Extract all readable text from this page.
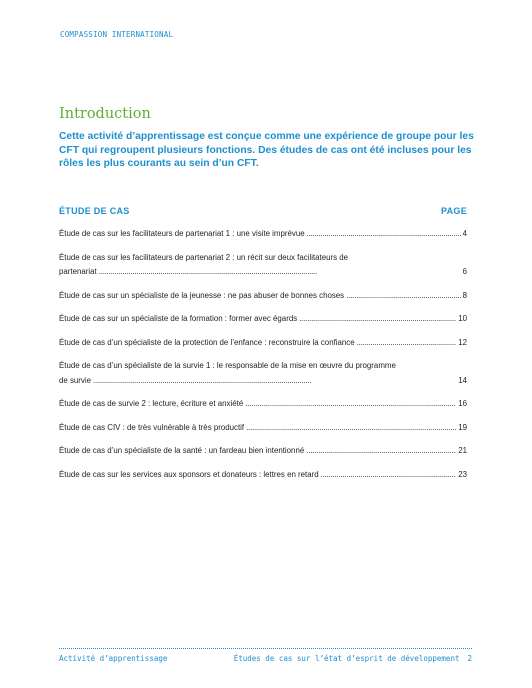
COMPASSION INTERNATIONAL
Introduction

Cette activité d’apprentissage est conçue comme une expérience de groupe pour les CFT qui regroupent plusieurs fonctions. Des études de cas ont été incluses pour les rôles les plus courants au sein d’un CFT.

ÉTUDE DE CAS	PAGE
Étude de cas sur les facilitateurs de partenariat 1 : une visite imprévue . . .	4
Étude de cas sur les facilitateurs de partenariat 2 : un récit sur deux facilitateurs de
partenariat . . .	6
Étude de cas sur un spécialiste de la jeunesse : ne pas abuser de bonnes choses . . .	8
Étude de cas sur un spécialiste de la formation : former avec égards . . .	10
Étude de cas d’un spécialiste de la protection de l’enfance : reconstruire la confiance . . .	12
Étude de cas d’un spécialiste de la survie 1 : le responsable de la mise en œuvre du programme
de survie . . .	14
Étude de cas de survie 2 : lecture, écriture et anxiété . . .	16
Étude de cas CIV : de très vulnérable à très productif . . .	19
Étude de cas d’un spécialiste de la santé : un fardeau bien intentionné . . .	21
Étude de cas sur les services aux sponsors et donateurs : lettres en retard . . .	23
Activité d’apprentissage	Études de cas sur l’état d’esprit de développement 2
